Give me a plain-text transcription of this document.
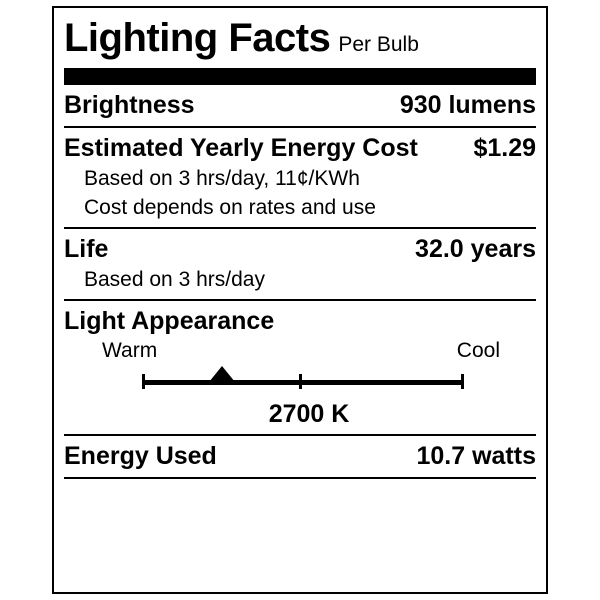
Lighting Facts Per Bulb
Brightness	930 lumens
Estimated Yearly Energy Cost $1.29
Based on 3 hrs/day, 11¢/KWh
Cost depends on rates and use
Life	32.0 years
Based on 3 hrs/day
Light Appearance
Warm	Cool
2700 K
Energy Used	10.7 watts
